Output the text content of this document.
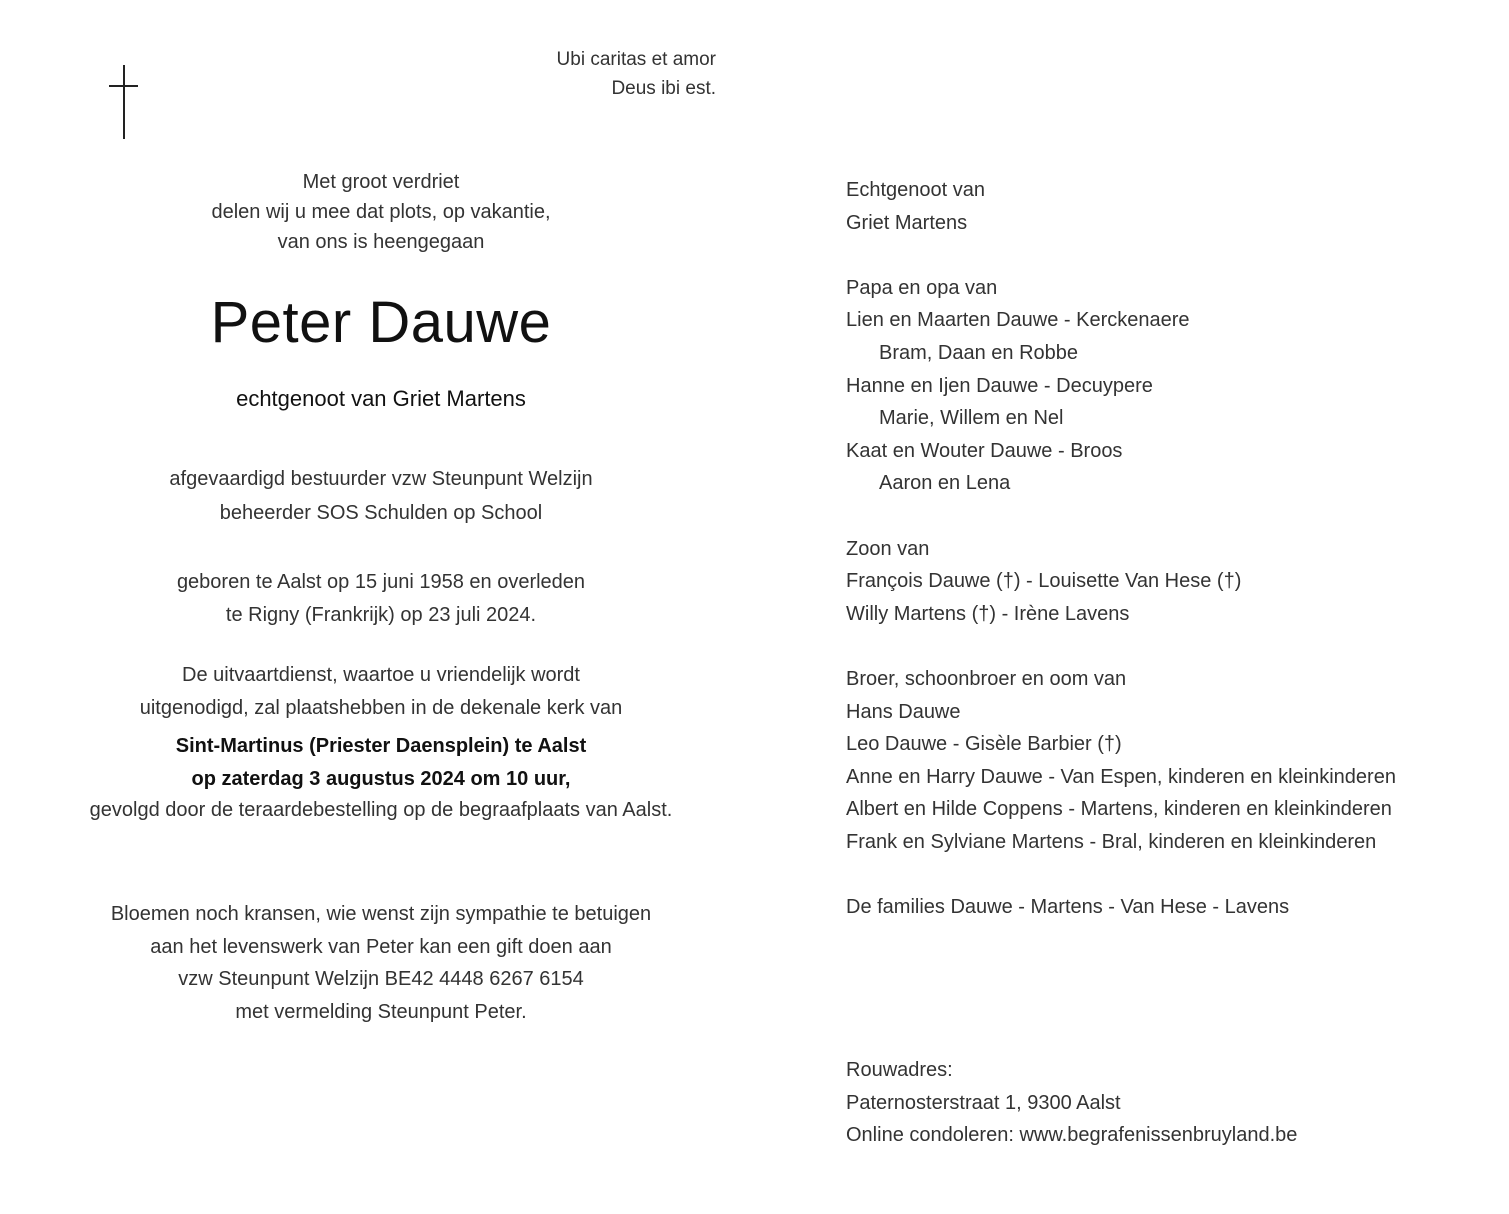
Ubi caritas et amor
Deus ibi est.
Met groot verdriet
delen wij u mee dat plots, op vakantie,
van ons is heengegaan
Peter Dauwe
echtgenoot van Griet Martens
afgevaardigd bestuurder vzw Steunpunt Welzijn
beheerder SOS Schulden op School
geboren te Aalst op 15 juni 1958 en overleden
te Rigny (Frankrijk) op 23 juli 2024.
De uitvaartdienst, waartoe u vriendelijk wordt
uitgenodigd, zal plaatshebben in de dekenale kerk van
Sint-Martinus (Priester Daensplein) te Aalst
op zaterdag 3 augustus 2024 om 10 uur,
gevolgd door de teraardebestelling op de begraafplaats van Aalst.
Bloemen noch kransen, wie wenst zijn sympathie te betuigen
aan het levenswerk van Peter kan een gift doen aan
vzw Steunpunt Welzijn BE42 4448 6267 6154
met vermelding Steunpunt Peter.
Echtgenoot van
Griet Martens
Papa en opa van
Lien en Maarten Dauwe - Kerckenaere
Bram, Daan en Robbe
Hanne en Ijen Dauwe - Decuypere
Marie, Willem en Nel
Kaat en Wouter Dauwe - Broos
Aaron en Lena
Zoon van
François Dauwe (†) - Louisette Van Hese (†)
Willy Martens (†) - Irène Lavens
Broer, schoonbroer en oom van
Hans Dauwe
Leo Dauwe - Gisèle Barbier (†)
Anne en Harry Dauwe - Van Espen, kinderen en kleinkinderen
Albert en Hilde Coppens - Martens, kinderen en kleinkinderen
Frank en Sylviane Martens - Bral, kinderen en kleinkinderen
De families Dauwe - Martens - Van Hese - Lavens
Rouwadres:
Paternosterstraat 1, 9300 Aalst
Online condoleren: www.begrafenissenbruyland.be
